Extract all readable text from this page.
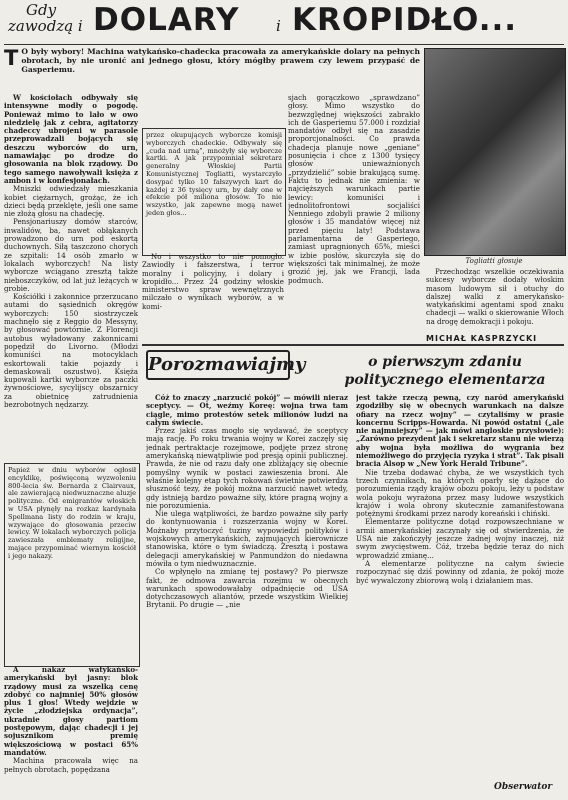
Gdy
zawodzą i DOLARY i KROPIDŁO...
T O były wybory! Machina watykańsko-chadecka pracowała za amerykańskie dolary na pełnych obrotach, by nie uronić ani jednego głosu, który mógłby prawem czy lewem przypaść de Gasperiemu.

W kościołach odbywały się intensywne modły o pogodę. Ponieważ mimo to lało w owo niedzielę jak z cebra, agitatorzy chadeccy ubrojeni w parasole przeprowadzali bojących się deszczu wyborców do urn, namawiając po drodze do głosowania na blok rządowy. Do tego samego nawoływali księża z ambon i w konfesjonałach.

Mniszki odwiedzały mieszkania kobiet ciężarnych, grożąc, że ich dzieci będą przeklęte, jeśli one same nie złożą głosu na chadecję.

Pensjonariuszy domów starców, inwalidów, ba, nawet obłąkanych prowadzono do urn pod eskortą duchownych. Siłą taszczono chorych ze szpitali: 14 osób zmarło w lokalach wyborczych! Na listy wyborcze wciągano zresztą także nieboszczyków, od lat już leżących w grobie.

Kościółki i zakonnice przerzucano autami do sąsiednich okręgów wyborczych: 150 siostrzyczek machnęło się z Reggio do Messyny, by głosować powtórnie. Z Florencji autobus wyładowany zakonnicami popędził do Livorno. (Młodzi komuniści na motocyklach eskortowali takie pojazdy i demaskowali oszustwo). Księża kupowali kartki wyborcze za paczki żywnościowe, sycylijscy obszarnicy za obietnicę zatrudnienia bezrobotnych nędzarzy.

Papież w dniu wyborów ogłosił encyklikę, poświęconą wyzwoleniu 800-lecia św. Bernarda z Clairvaux, ale zawierającą niedwuznaczne aluzje polityczne. Od emigrantów włoskich w USA płynęły na rozkaz kardynała Spellmana listy do rodzin w kraju, wzywające do głosowania przeciw lewicy. W lokalach wyborczych policja zawieszała emblematy religijne, mające przypominać wiernym kościół i jego nakazy.

A nakaz watykańsko-amerykański był jasny: blok rządowy musi za wszelką cenę zdobyć co najmniej 50% głosów plus 1 głos! Wtedy wejdzie w życie „złodziejska ordynacja”, ukradnie głosy partiom postępowym, dając chadecji i jej sojusznikom premię większościową w postaci 65% mandatów.

Machina pracowała więc na pełnych obrotach, popędzana

przez okupujących wyborcze komisji wyborczych chadeckie. Odbywały się „cuda nad urną”, mnożyły się wyborcze kartki. A jak przypomniał sekretarz generalny Włoskiej Partii Komunistycznej Togliatti, wystarczyło dosypać tylko 10 fałszywych kart do każdej z 36 tysięcy urn, by dały one w efekcie pół miliona głosów. To nie wszystko, jak zapewne mogą nawet jeden głos...

No i wszystko to nie pomogło. Zawiodły i fałszerstwa, i terror moralny i policyjny, i dolary i kropidło... Przez 24 godziny włoskie ministerstwo spraw wewnętrznych milczało o wynikach wyborów, a w komi-

sjach gorączkowo „sprawdzano” głosy. Mimo wszystko do bezwzględnej większości zabrakło ich de Gasperiemu 57.000 i rozdział mandatów odbył się na zasadzie proporcjonalności. Co prawda chadecja planuje nowe „geniane” posunięcia i chce z 1300 tysięcy głosów unieważnionych „przydzielić” sobie brakującą sumę. Faktu to jednak nie zmienia: w najcięższych warunkach partie lewicy: komuniści i jednolitofrontowi socjaliści Nenniego zdobyli prawie 2 miliony głosów i 35 mandatów więcej niż przed pięciu laty! Podstawa parlamentarna de Gasperiego, zamiast upragnionych 65%, mieści w izbie posłów, skurczyła się do większości tak minimalnej, że może grozić jej, jak we Francji, lada podmuch.

Togliatti głosuje

Przechodząc wszelkie oczekiwania sukcesy wyborcze dodały włoskim masom ludowym sił i otuchy do dalszej walki z amerykańsko-watykańskimi agentami spod znaku chadecji — walki o skierowanie Włoch na drogę demokracji i pokoju.

MICHAŁ KASPRZYCKI
Porozmawiajmy	o pierwszym zdaniu
politycznego elementarza

Cóż to znaczy „narzucić pokój” — mówili nieraz sceptycy. — Ot, weźmy Koreę: wojna trwa tam ciągle, mimo protestów setek milionów ludzi na całym świecie.

Przez jakiś czas mogło się wydawać, że sceptycy mają rację. Po roku trwania wojny w Korei zaczęły się jednak pertraktacje rozejmowe, podjęte przez stronę amerykańską niewątpliwie pod presją opinii publicznej. Prawda, że nie od razu dały one zbliżający się obecnie pomyślny wynik w postaci zawieszenia broni. Ale właśnie kolejny etap tych rokowań świetnie potwierdza słuszność tezy, że pokój można narzucić nawet wtedy, gdy istnieją bardzo poważne siły, które pragną wojny a nie porozumienia.

Nie ulega wątpliwości, że bardzo poważne siły parły do kontynuowania i rozszerzania wojny w Korei. Możnaby przytoczyć tuziny wypowiedzi polityków i wojskowych amerykańskich, zajmujących kierownicze stanowiska, które o tym świadczą. Zresztą i postawa delegacji amerykańskiej w Panmundżon do niedawna mówiła o tym niedwuznacznie.

Co wpłynęło na zmianę tej postawy? Po pierwsze fakt, że odmowa zawarcia rozejmu w obecnych warunkach spowodowałaby odpadnięcie od USA dotychczasowych aliantów, przede wszystkim Wielkiej Brytanii. Po drugie — „nie

jest także rzeczą pewną, czy naród amerykański zgodziłby się w obecnych warunkach na dalsze ofiary na rzecz wojny” — czytaliśmy w prasie koncernu Scripps-Howarda. Ni powód ostatni („ale nie najmniejszy” — jak mówi angloskie przysłowie): „Zarówno prezydent jak i sekretarz stanu nie wierzą aby wojna była możliwa do wygrania bez niemożliwego do przyjęcia ryzyka i strat”. Tak pisali bracia Alsop w „New York Herald Tribune”.

Nie trzeba dodawać chyba, że we wszystkich tych trzech czynnikach, na których oparły się dążące do porozumienia rządy krajów obozu pokoju, leży u podstaw wola pokoju wyrażona przez masy ludowe wszystkich krajów i wola obrony skutecznie zamanifestowana potężnymi środkami przez narody koreański i chiński.

Elementarze polityczne dotąd rozpowszechniane w armii amerykańskiej zaczynały się od stwierdzenia, że USA nie zakończyły jeszcze żadnej wojny inaczej, niż swym zwycięstwem. Cóż, trzeba będzie teraz do nich wprowadzić zmianę...

A elementarze polityczne na całym świecie rozpoczynać się dziś powinny od zdania, że pokój może być wywalczony zbiorową wolą i działaniem mas.

Obserwator
